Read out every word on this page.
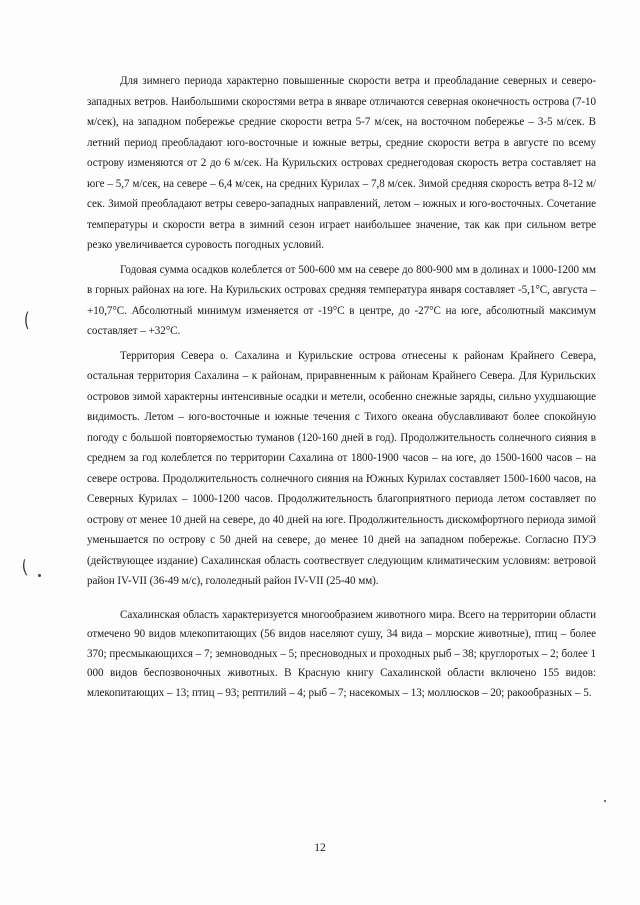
Для зимнего периода характерно повышенные скорости ветра и преобладание северных и северо-западных ветров. Наибольшими скоростями ветра в январе отличаются северная оконечность острова (7-10 м/сек), на западном побережье средние скорости ветра 5-7 м/сек, на восточном побережье – 3-5 м/сек. В летний период преобладают юго-восточные и южные ветры, средние скорости ветра в августе по всему острову изменяются от 2 до 6 м/сек. На Курильских островах среднегодовая скорость ветра составляет на юге – 5,7 м/сек, на севере – 6,4 м/сек, на средних Курилах – 7,8 м/сек. Зимой средняя скорость ветра 8-12 м/сек. Зимой преобладают ветры северо-западных направлений, летом – южных и юго-восточных. Сочетание температуры и скорости ветра в зимний сезон играет наибольшее значение, так как при сильном ветре резко увеличивается суровость погодных условий.

Годовая сумма осадков колеблется от 500-600 мм на севере до 800-900 мм в долинах и 1000-1200 мм в горных районах на юге. На Курильских островах средняя температура января составляет -5,1°C, августа – +10,7°C. Абсолютный минимум изменяется от -19°C в центре, до -27°C на юге, абсолютный максимум составляет – +32°C.

Территория Севера о. Сахалина и Курильские острова отнесены к районам Крайнего Севера, остальная территория Сахалина – к районам, приравненным к районам Крайнего Севера. Для Курильских островов зимой характерны интенсивные осадки и метели, особенно снежные заряды, сильно ухудшающие видимость. Летом – юго-восточные и южные течения с Тихого океана обуславливают более спокойную погоду с большой повторяемостью туманов (120-160 дней в год). Продолжительность солнечного сияния в среднем за год колеблется по территории Сахалина от 1800-1900 часов – на юге, до 1500-1600 часов – на севере острова. Продолжительность солнечного сияния на Южных Курилах составляет 1500-1600 часов, на Северных Курилах – 1000-1200 часов. Продолжительность благоприятного периода летом составляет по острову от менее 10 дней на севере, до 40 дней на юге. Продолжительность дискомфортного периода зимой уменьшается по острову с 50 дней на севере, до менее 10 дней на западном побережье. Согласно ПУЭ (действующее издание) Сахалинская область соотвествует следующим климатическим условиям: ветровой район IV-VII (36-49 м/с), гололедный район IV-VII (25-40 мм).

Сахалинская область характеризуется многообразием животного мира. Всего на территории области отмечено 90 видов млекопитающих (56 видов населяют сушу, 34 вида – морские животные), птиц – более 370; пресмыкающихся – 7; земноводных – 5; пресноводных и проходных рыб – 38; круглоротых – 2; более 1 000 видов беспозвоночных животных. В Красную книгу Сахалинской области включено 155 видов: млекопитающих – 13; птиц – 93; рептилий – 4; рыб – 7; насекомых – 13; моллюсков – 20; ракообразных – 5.

12
(
(
